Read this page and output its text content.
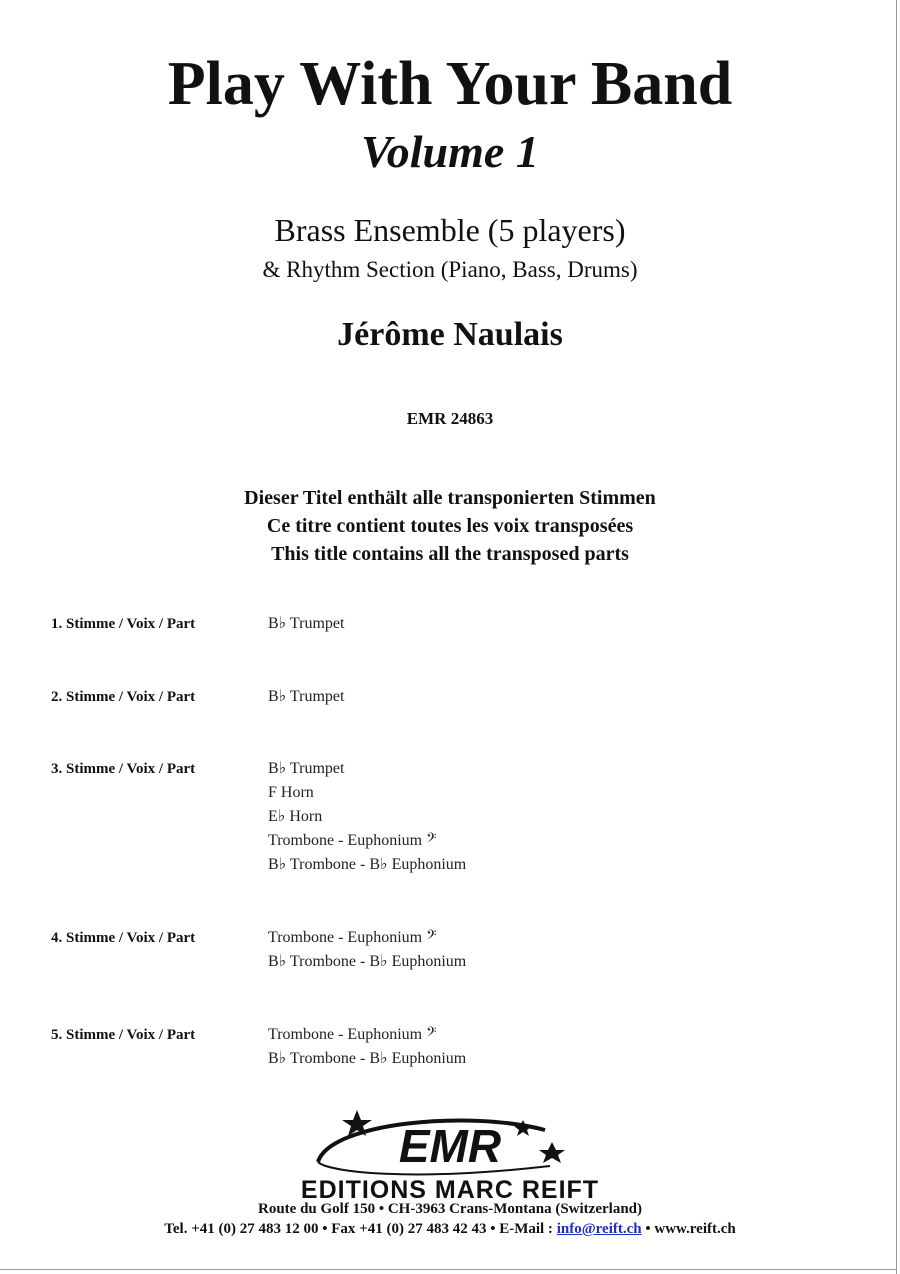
Play With Your Band
Volume 1
Brass Ensemble (5 players)
& Rhythm Section (Piano, Bass, Drums)
Jérôme Naulais
EMR 24863
Dieser Titel enthält alle transponierten Stimmen
Ce titre contient toutes les voix transposées
This title contains all the transposed parts
1. Stimme / Voix / Part	B♭ Trumpet
2. Stimme / Voix / Part	B♭ Trumpet
3. Stimme / Voix / Part	B♭ Trumpet
F Horn
E♭ Horn
Trombone - Euphonium 𝄢
B♭ Trombone - B♭ Euphonium
4. Stimme / Voix / Part	Trombone - Euphonium 𝄢
B♭ Trombone - B♭ Euphonium
5. Stimme / Voix / Part	Trombone - Euphonium 𝄢
B♭ Trombone - B♭ Euphonium
EMR
EDITIONS MARC REIFT
Route du Golf 150 • CH-3963 Crans-Montana (Switzerland)
Tel. +41 (0) 27 483 12 00 • Fax +41 (0) 27 483 42 43 • E-Mail : info@reift.ch • www.reift.ch
